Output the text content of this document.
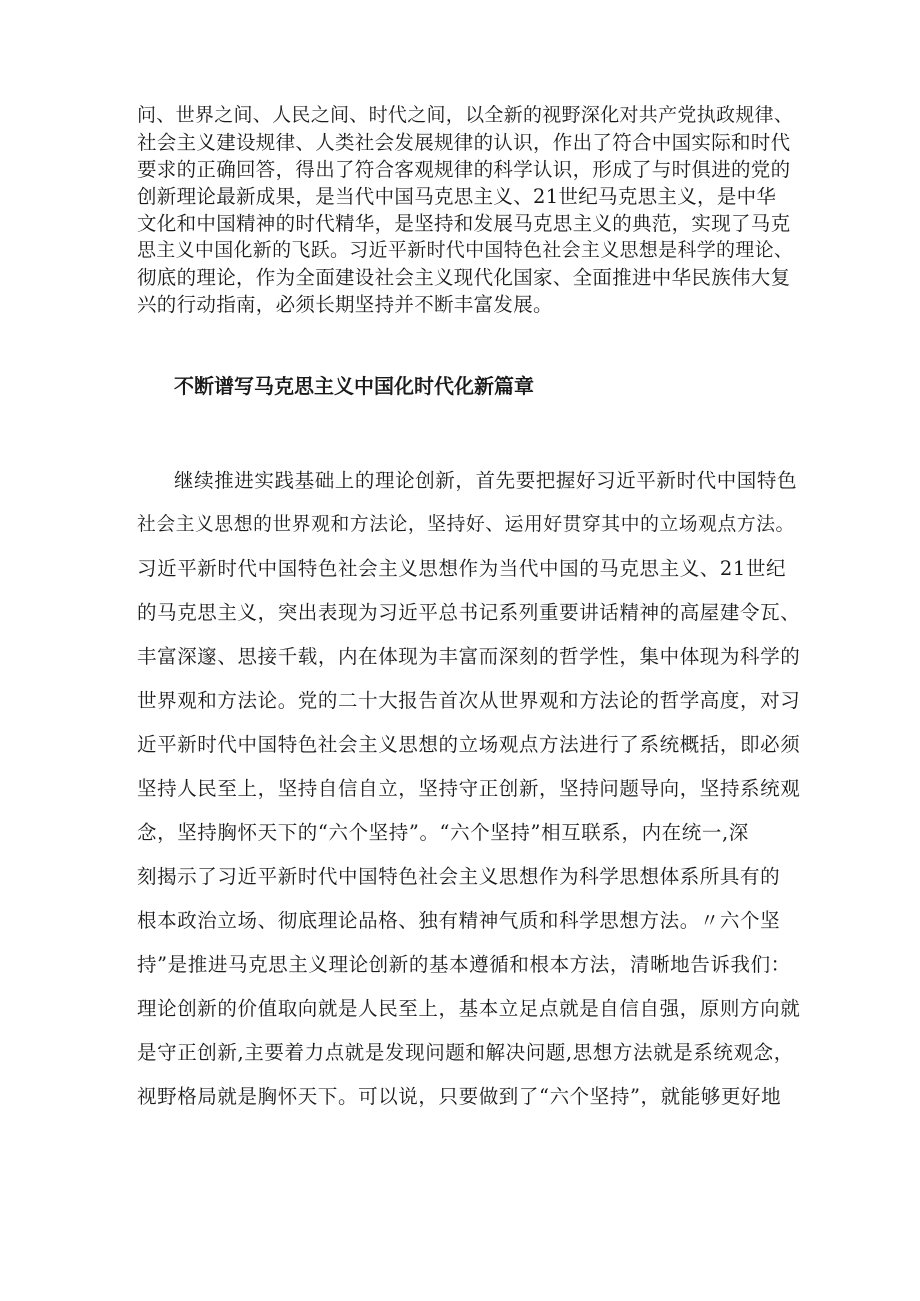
问、世界之间、人民之间、时代之间，以全新的视野深化对共产党执政规律、

社会主义建设规律、人类社会发展规律的认识，作出了符合中国实际和时代

要求的正确回答，得出了符合客观规律的科学认识，形成了与时俱进的党的

创新理论最新成果，是当代中国马克思主义、21世纪马克思主义，是中华

文化和中国精神的时代精华，是坚持和发展马克思主义的典范，实现了马克

思主义中国化新的飞跃。习近平新时代中国特色社会主义思想是科学的理论、

彻底的理论，作为全面建设社会主义现代化国家、全面推进中华民族伟大复

兴的行动指南，必须长期坚持并不断丰富发展。

不断谱写马克思主义中国化时代化新篇章

继续推进实践基础上的理论创新，首先要把握好习近平新时代中国特色

社会主义思想的世界观和方法论，坚持好、运用好贯穿其中的立场观点方法。

习近平新时代中国特色社会主义思想作为当代中国的马克思主义、21世纪

的马克思主义，突出表现为习近平总书记系列重要讲话精神的高屋建令瓦、

丰富深邃、思接千载，内在体现为丰富而深刻的哲学性，集中体现为科学的

世界观和方法论。党的二十大报告首次从世界观和方法论的哲学高度，对习

近平新时代中国特色社会主义思想的立场观点方法进行了系统概括，即必须

坚持人民至上，坚持自信自立，坚持守正创新，坚持问题导向，坚持系统观

念，坚持胸怀天下的“六个坚持”。“六个坚持”相互联系，内在统一,深

刻揭示了习近平新时代中国特色社会主义思想作为科学思想体系所具有的

根本政治立场、彻底理论品格、独有精神气质和科学思想方法。〃六个坚

持”是推进马克思主义理论创新的基本遵循和根本方法，清晰地告诉我们：

理论创新的价值取向就是人民至上，基本立足点就是自信自强，原则方向就

是守正创新,主要着力点就是发现问题和解决问题,思想方法就是系统观念，

视野格局就是胸怀天下。可以说，只要做到了“六个坚持”，就能够更好地
